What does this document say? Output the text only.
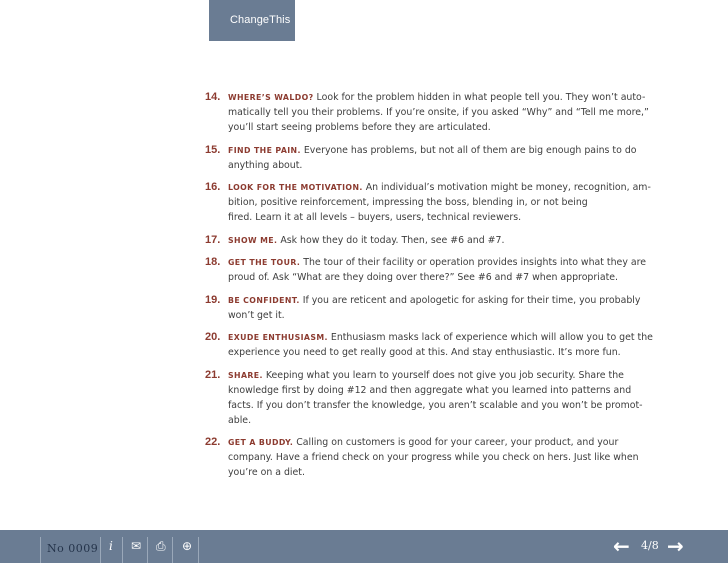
ChangeThis
14. WHERE’S WALDO? Look for the problem hidden in what people tell you. They won’t auto-
matically tell you their problems. If you’re onsite, if you asked “Why” and “Tell me more,”
you’ll start seeing problems before they are articulated.
15. FIND THE PAIN. Everyone has problems, but not all of them are big enough pains to do
anything about.
16. LOOK FOR THE MOTIVATION. An individual’s motivation might be money, recognition, am-
bition, positive reinforcement, impressing the boss, blending in, or not being
fired. Learn it at all levels – buyers, users, technical reviewers.
17. SHOW ME. Ask how they do it today. Then, see #6 and #7.
18. GET THE TOUR. The tour of their facility or operation provides insights into what they are
proud of. Ask “What are they doing over there?” See #6 and #7 when appropriate.
19. BE CONFIDENT. If you are reticent and apologetic for asking for their time, you probably
won’t get it.
20. EXUDE ENTHUSIASM. Enthusiasm masks lack of experience which will allow you to get the
experience you need to get really good at this. And stay enthusiastic. It’s more fun.
21. SHARE. Keeping what you learn to yourself does not give you job security. Share the
knowledge first by doing #12 and then aggregate what you learned into patterns and
facts. If you don’t transfer the knowledge, you aren’t scalable and you won’t be promot-
able.
22. GET A BUDDY. Calling on customers is good for your career, your product, and your
company. Have a friend check on your progress while you check on hers. Just like when
you’re on a diet.
No 0009 i ✉ ⎙ ⊕	← 4/8 →
